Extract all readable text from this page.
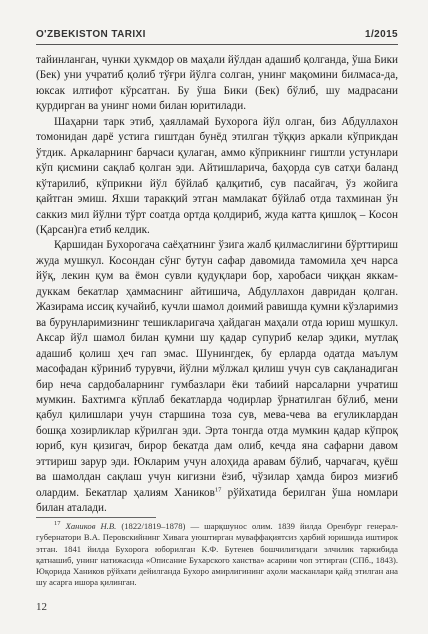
O'ZBEKISTON TARIXI	1/2015

тайинланган, чунки ҳукмдор ов маҳали йўлдан адашиб қолганда, ўша Бики (Бек) уни учратиб қолиб тўғри йўлга солган, унинг мақомини билмаса-да, юксак илтифот кўрсатган. Бу ўша Бики (Бек) бўлиб, шу мадрасани қурдирган ва унинг номи билан юритилади.

Шаҳарни тарк этиб, ҳаялламай Бухорога йўл олган, биз Абдуллахон томонидан дарё устига гиштдан бунёд этилган тўққиз аркали кўприкдан ўтдик. Аркаларнинг барчаси қулаган, аммо кўприкнинг гиштли устунлари кўп қисмини сақлаб қолган эди. Айтишларича, баҳорда сув сатҳи баланд кўтарилиб, кўприкни йўл бўйлаб қалқитиб, сув пасайгач, ўз жойига қайтган эмиш. Яхши таракқий этган мамлакат бўйлаб отда тахминан ўн саккиз мил йўлни тўрт соатда ортда қолдириб, жуда катта қишлоқ – Косон (Қарсан)га етиб келдик.

Қаршидан Бухорогача саёҳатнинг ўзига жалб қилмаслигини бўрттириш жуда мушкул. Косондан сўнг бутун сафар давомида тамомила ҳеч нарса йўқ, лекин қум ва ёмон сувли қудуқлари бор, харобаси чиққан яккам-дуккам бекатлар ҳаммаснинг айтишича, Абдуллахон давридан қолган. Жазирама иссиқ кучайиб, кучли шамол доимий равишда қумни кўзларимиз ва бурунларимизнинг тешикларигача ҳайдаган маҳали отда юриш мушкул. Аксар йўл шамол билан қумни шу қадар супуриб келар эдики, мутлақ адашиб қолиш ҳеч гап эмас. Шунингдек, бу ерларда одатда маълум масофадан кўриниб турувчи, йўлни мўлжал қилиш учун сув сақланадиган бир неча сардобаларнинг гумбазлари ёки табиий нарсаларни учратиш мумкин. Бахтимга кўплаб бекатларда чодирлар ўрнатилган бўлиб, мени қабул қилишлари учун старшина тоза сув, мева-чева ва егуликлардан бошқа хозирликлар кўрилган эди. Эрта тонгда отда мумкин қадар кўпроқ юриб, кун қизигач, бирор бекатда дам олиб, кечда яна сафарни давом эттириш зарур эди. Юкларим учун алоҳида аравам бўлиб, чарчагач, қуёш ва шамолдан сақлаш учун кигизни ёзиб, чўзилар ҳамда бироз мизғиб олардим. Бекатлар ҳалиям Хаников$^{17}$ рўйхатида берилган ўша номлари билан аталади.

$^{17}$ Хаников Н.В. (1822/1819–1878) — шарқшунос олим. 1839 йилда Оренбург генерал-губернатори В.А. Перовскийнинг Хивага уюштирган муваффақиятсиз ҳарбий юришида иштирок этган. 1841 йилда Бухорога юборилган К.Ф. Бутенев бошчилигидаги элчилик таркибида қатнашиб, унинг натижасида «Описание Бухарского ханства» асарини чоп эттирган (СПб., 1843). Юқорида Хаников рўйхати дейилганда Бухоро амирлигининг аҳоли масканлари қайд этилган ана шу асарга ишора қилинган.
12
